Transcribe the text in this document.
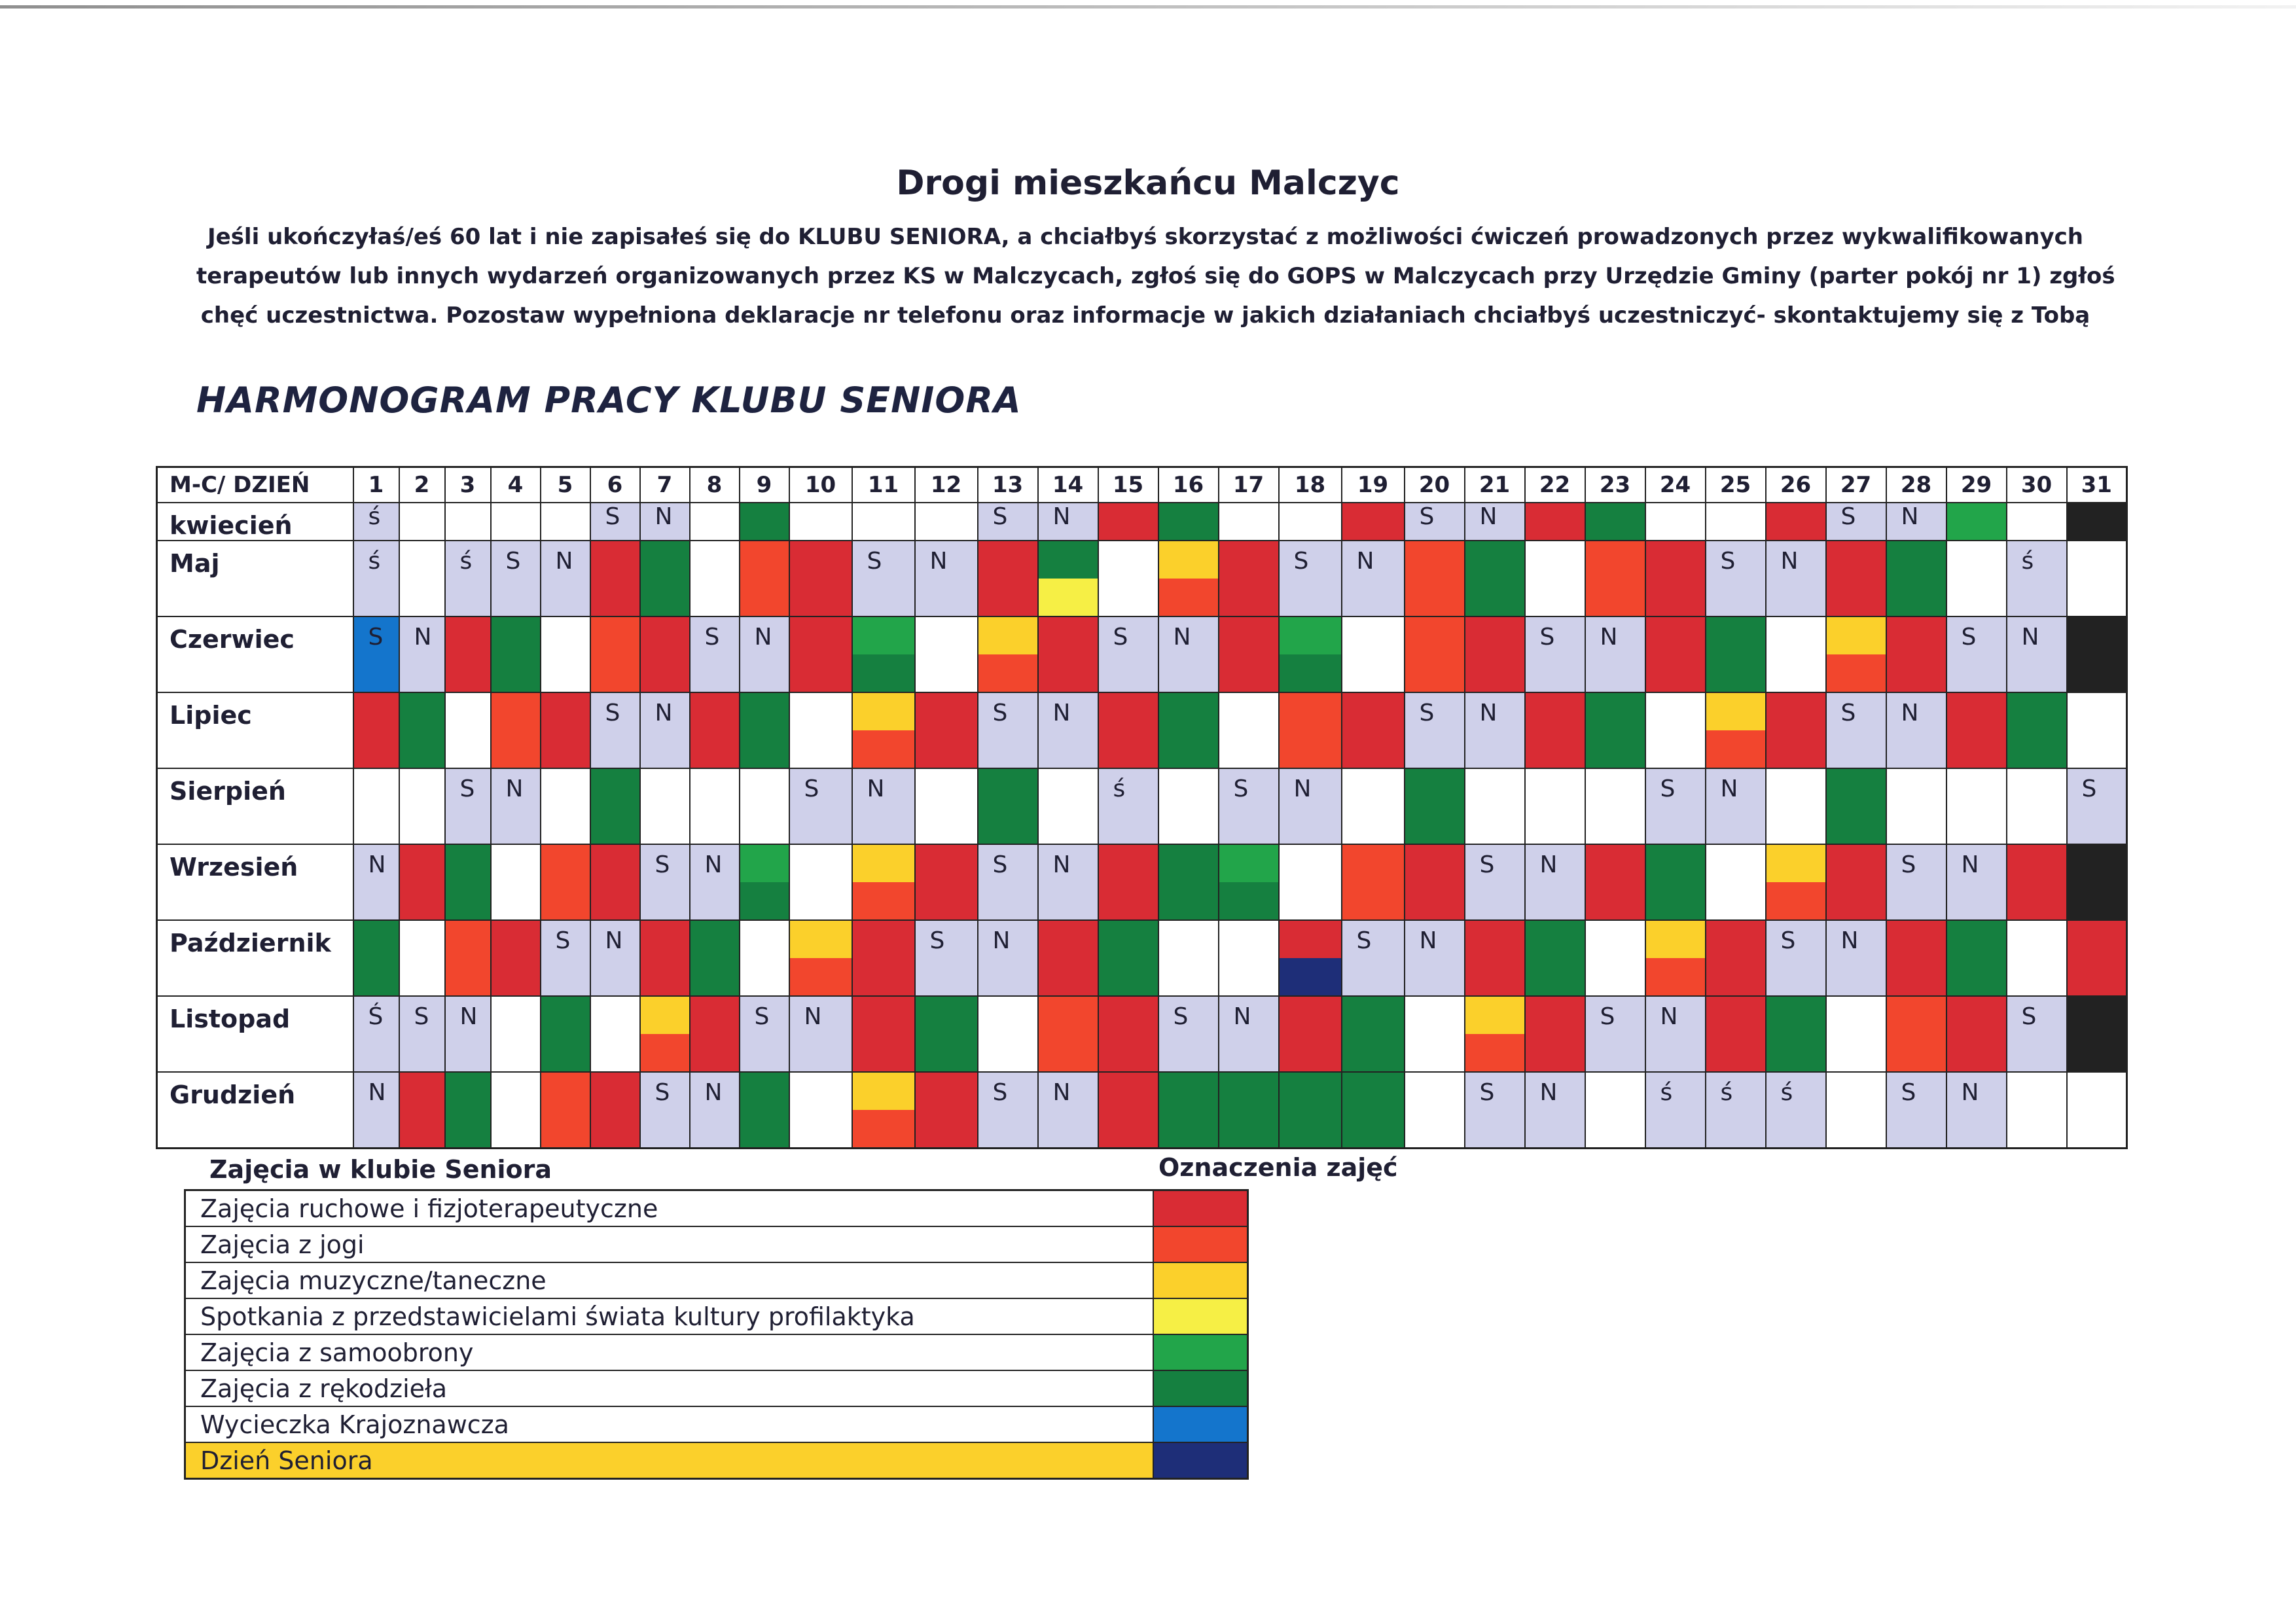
Drogi mieszkańcu Malczyc
Jeśli ukończyłaś/eś 60 lat i nie zapisałeś się do KLUBU SENIORA, a chciałbyś skorzystać z możliwości ćwiczeń prowadzonych przez wykwalifikowanych
terapeutów lub innych wydarzeń organizowanych przez KS w Malczycach, zgłoś się do GOPS w Malczycach przy Urzędzie Gminy (parter pokój nr 1) zgłoś
chęć uczestnictwa. Pozostaw wypełniona deklaracje nr telefonu oraz informacje w jakich działaniach chciałbyś uczestniczyć- skontaktujemy się z Tobą
HARMONOGRAM PRACY KLUBU SENIORA
M-C/ DZIEŃ	1	2	3	4	5	6	7	8	9	10	11	12	13	14	15	16	17	18	19	20	21	22	23	24	25	26	27	28	29	30	31
kwiecień	ś					S	N						S	N						S	N						S	N			

Maj	ś		ś	S	N						S	N						S	N						S	N				ś	

Czerwiec	S	N						S	N						S	N						S	N						S	N	

Lipiec						S	N						S	N						S	N						S	N			

Sierpień			S	N						S	N				ś		S	N						S	N						S

Wrzesień	N						S	N					S	N							S	N						S	N		

Październik					S	N						S	N						S	N						S	N				

Listopad	Ś	S	N						S	N						S	N						S	N						S	

Grudzień	N						S	N					S	N							S	N		ś	ś	ś		S	N		

Zajęcia w klubie Seniora	Oznaczenia zajęć
Zajęcia ruchowe i fizjoterapeutyczne	
Zajęcia z jogi	
Zajęcia muzyczne/taneczne	
Spotkania z przedstawicielami świata kultury profilaktyka	
Zajęcia z samoobrony	
Zajęcia z rękodzieła	
Wycieczka Krajoznawcza	
Dzień Seniora	
